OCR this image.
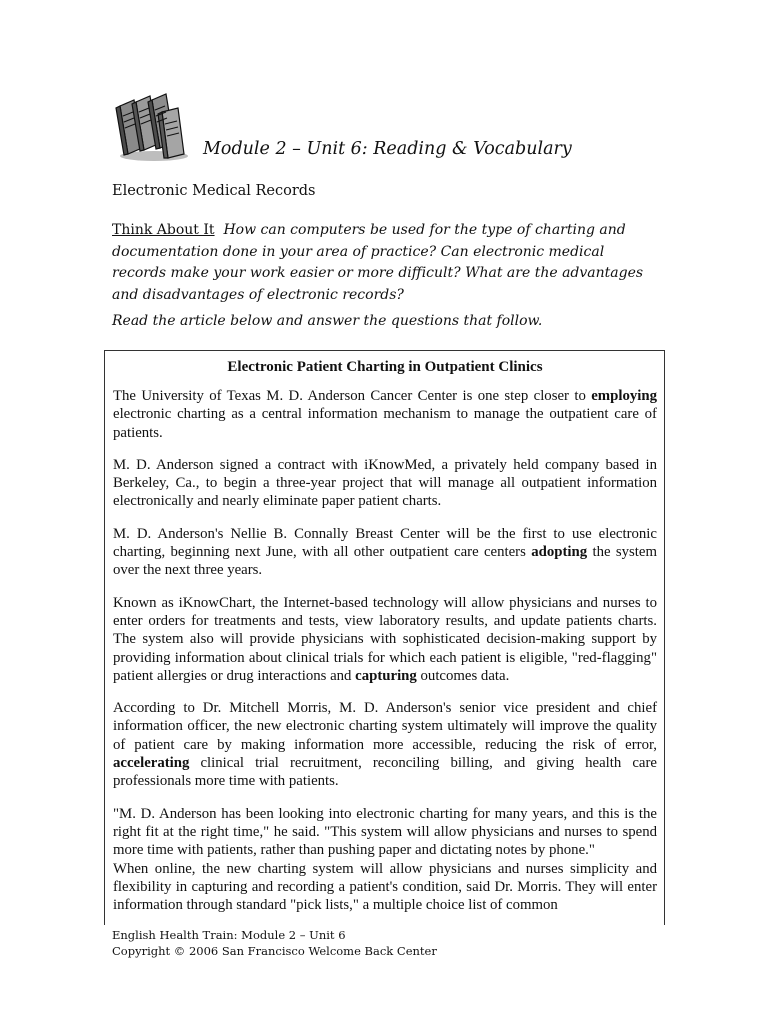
Module 2 – Unit 6: Reading & Vocabulary
Electronic Medical Records
Think About It How can computers be used for the type of charting and documentation done in your area of practice? Can electronic medical records make your work easier or more difficult? What are the advantages and disadvantages of electronic records?
Read the article below and answer the questions that follow.
Electronic Patient Charting in Outpatient Clinics

The University of Texas M. D. Anderson Cancer Center is one step closer to employing electronic charting as a central information mechanism to manage the outpatient care of patients.

M. D. Anderson signed a contract with iKnowMed, a privately held company based in Berkeley, Ca., to begin a three-year project that will manage all outpatient information electronically and nearly eliminate paper patient charts.

M. D. Anderson's Nellie B. Connally Breast Center will be the first to use electronic charting, beginning next June, with all other outpatient care centers adopting the system over the next three years.

Known as iKnowChart, the Internet-based technology will allow physicians and nurses to enter orders for treatments and tests, view laboratory results, and update patients charts. The system also will provide physicians with sophisticated decision-making support by providing information about clinical trials for which each patient is eligible, "red-flagging" patient allergies or drug interactions and capturing outcomes data.

According to Dr. Mitchell Morris, M. D. Anderson's senior vice president and chief information officer, the new electronic charting system ultimately will improve the quality of patient care by making information more accessible, reducing the risk of error, accelerating clinical trial recruitment, reconciling billing, and giving health care professionals more time with patients.

"M. D. Anderson has been looking into electronic charting for many years, and this is the right fit at the right time," he said. "This system will allow physicians and nurses to spend more time with patients, rather than pushing paper and dictating notes by phone."

When online, the new charting system will allow physicians and nurses simplicity and flexibility in capturing and recording a patient's condition, said Dr. Morris. They will enter information through standard "pick lists," a multiple choice list of common

English Health Train: Module 2 – Unit 6
Copyright © 2006 San Francisco Welcome Back Center
